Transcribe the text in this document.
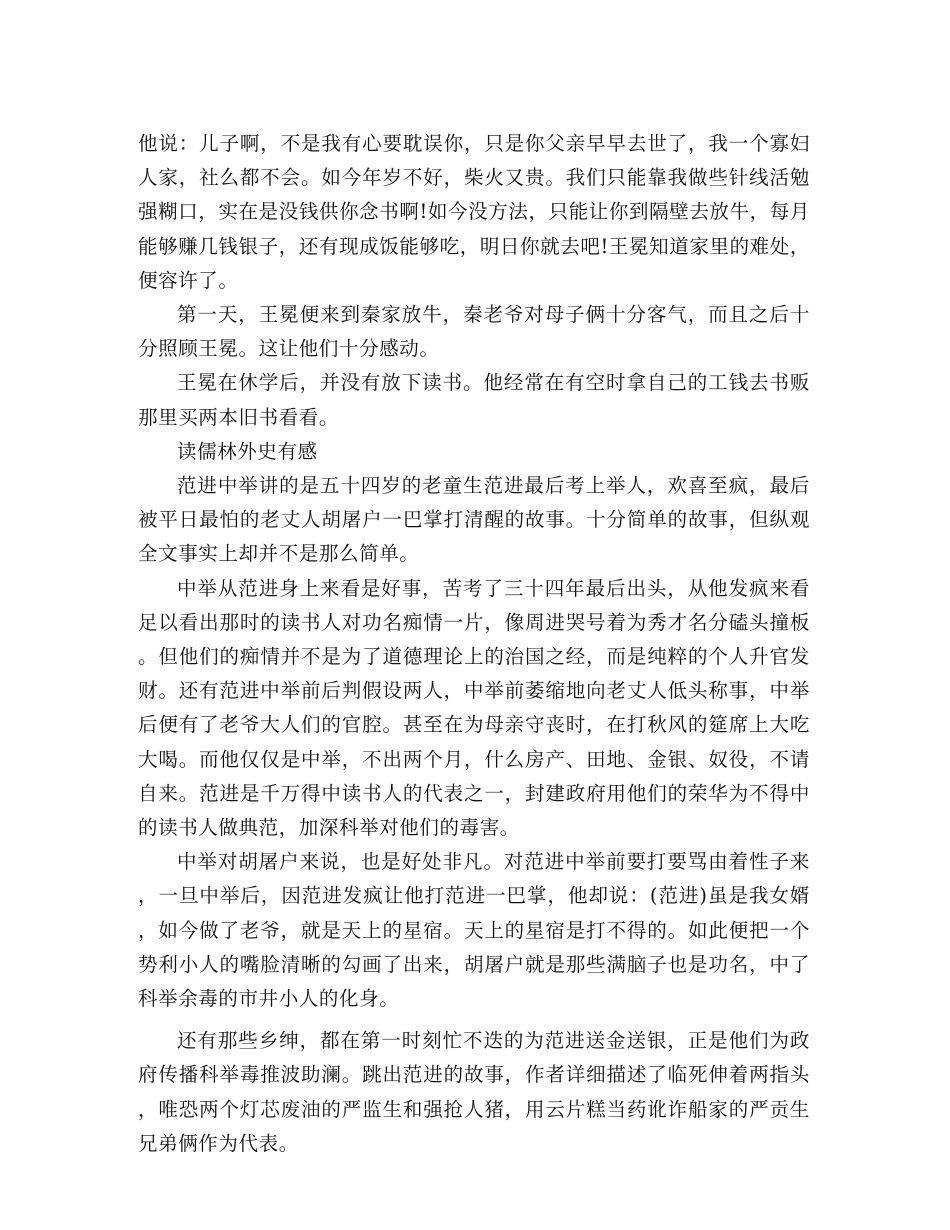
他说：儿子啊，不是我有心要耽误你，只是你父亲早早去世了，我一个寡妇人家，社么都不会。如今年岁不好，柴火又贵。我们只能靠我做些针线活勉强糊口，实在是没钱供你念书啊!如今没方法，只能让你到隔壁去放牛，每月能够赚几钱银子，还有现成饭能够吃，明日你就去吧!王冕知道家里的难处，便容许了。

第一天，王冕便来到秦家放牛，秦老爷对母子俩十分客气，而且之后十分照顾王冕。这让他们十分感动。

王冕在休学后，并没有放下读书。他经常在有空时拿自己的工钱去书贩那里买两本旧书看看。

读儒林外史有感

范进中举讲的是五十四岁的老童生范进最后考上举人，欢喜至疯，最后被平日最怕的老丈人胡屠户一巴掌打清醒的故事。十分简单的故事，但纵观全文事实上却并不是那么简单。

中举从范进身上来看是好事，苦考了三十四年最后出头，从他发疯来看足以看出那时的读书人对功名痴情一片，像周进哭号着为秀才名分磕头撞板。但他们的痴情并不是为了道德理论上的治国之经，而是纯粹的个人升官发财。还有范进中举前后判假设两人，中举前萎缩地向老丈人低头称事，中举后便有了老爷大人们的官腔。甚至在为母亲守丧时，在打秋风的筵席上大吃大喝。而他仅仅是中举，不出两个月，什么房产、田地、金银、奴役，不请自来。范进是千万得中读书人的代表之一，封建政府用他们的荣华为不得中的读书人做典范，加深科举对他们的毒害。

中举对胡屠户来说，也是好处非凡。对范进中举前要打要骂由着性子来，一旦中举后，因范进发疯让他打范进一巴掌，他却说：(范进)虽是我女婿，如今做了老爷，就是天上的星宿。天上的星宿是打不得的。如此便把一个势利小人的嘴脸清晰的勾画了出来，胡屠户就是那些满脑子也是功名，中了科举余毒的市井小人的化身。

还有那些乡绅，都在第一时刻忙不迭的为范进送金送银，正是他们为政府传播科举毒推波助澜。跳出范进的故事，作者详细描述了临死伸着两指头，唯恐两个灯芯废油的严监生和强抢人猪，用云片糕当药讹诈船家的严贡生兄弟俩作为代表。
